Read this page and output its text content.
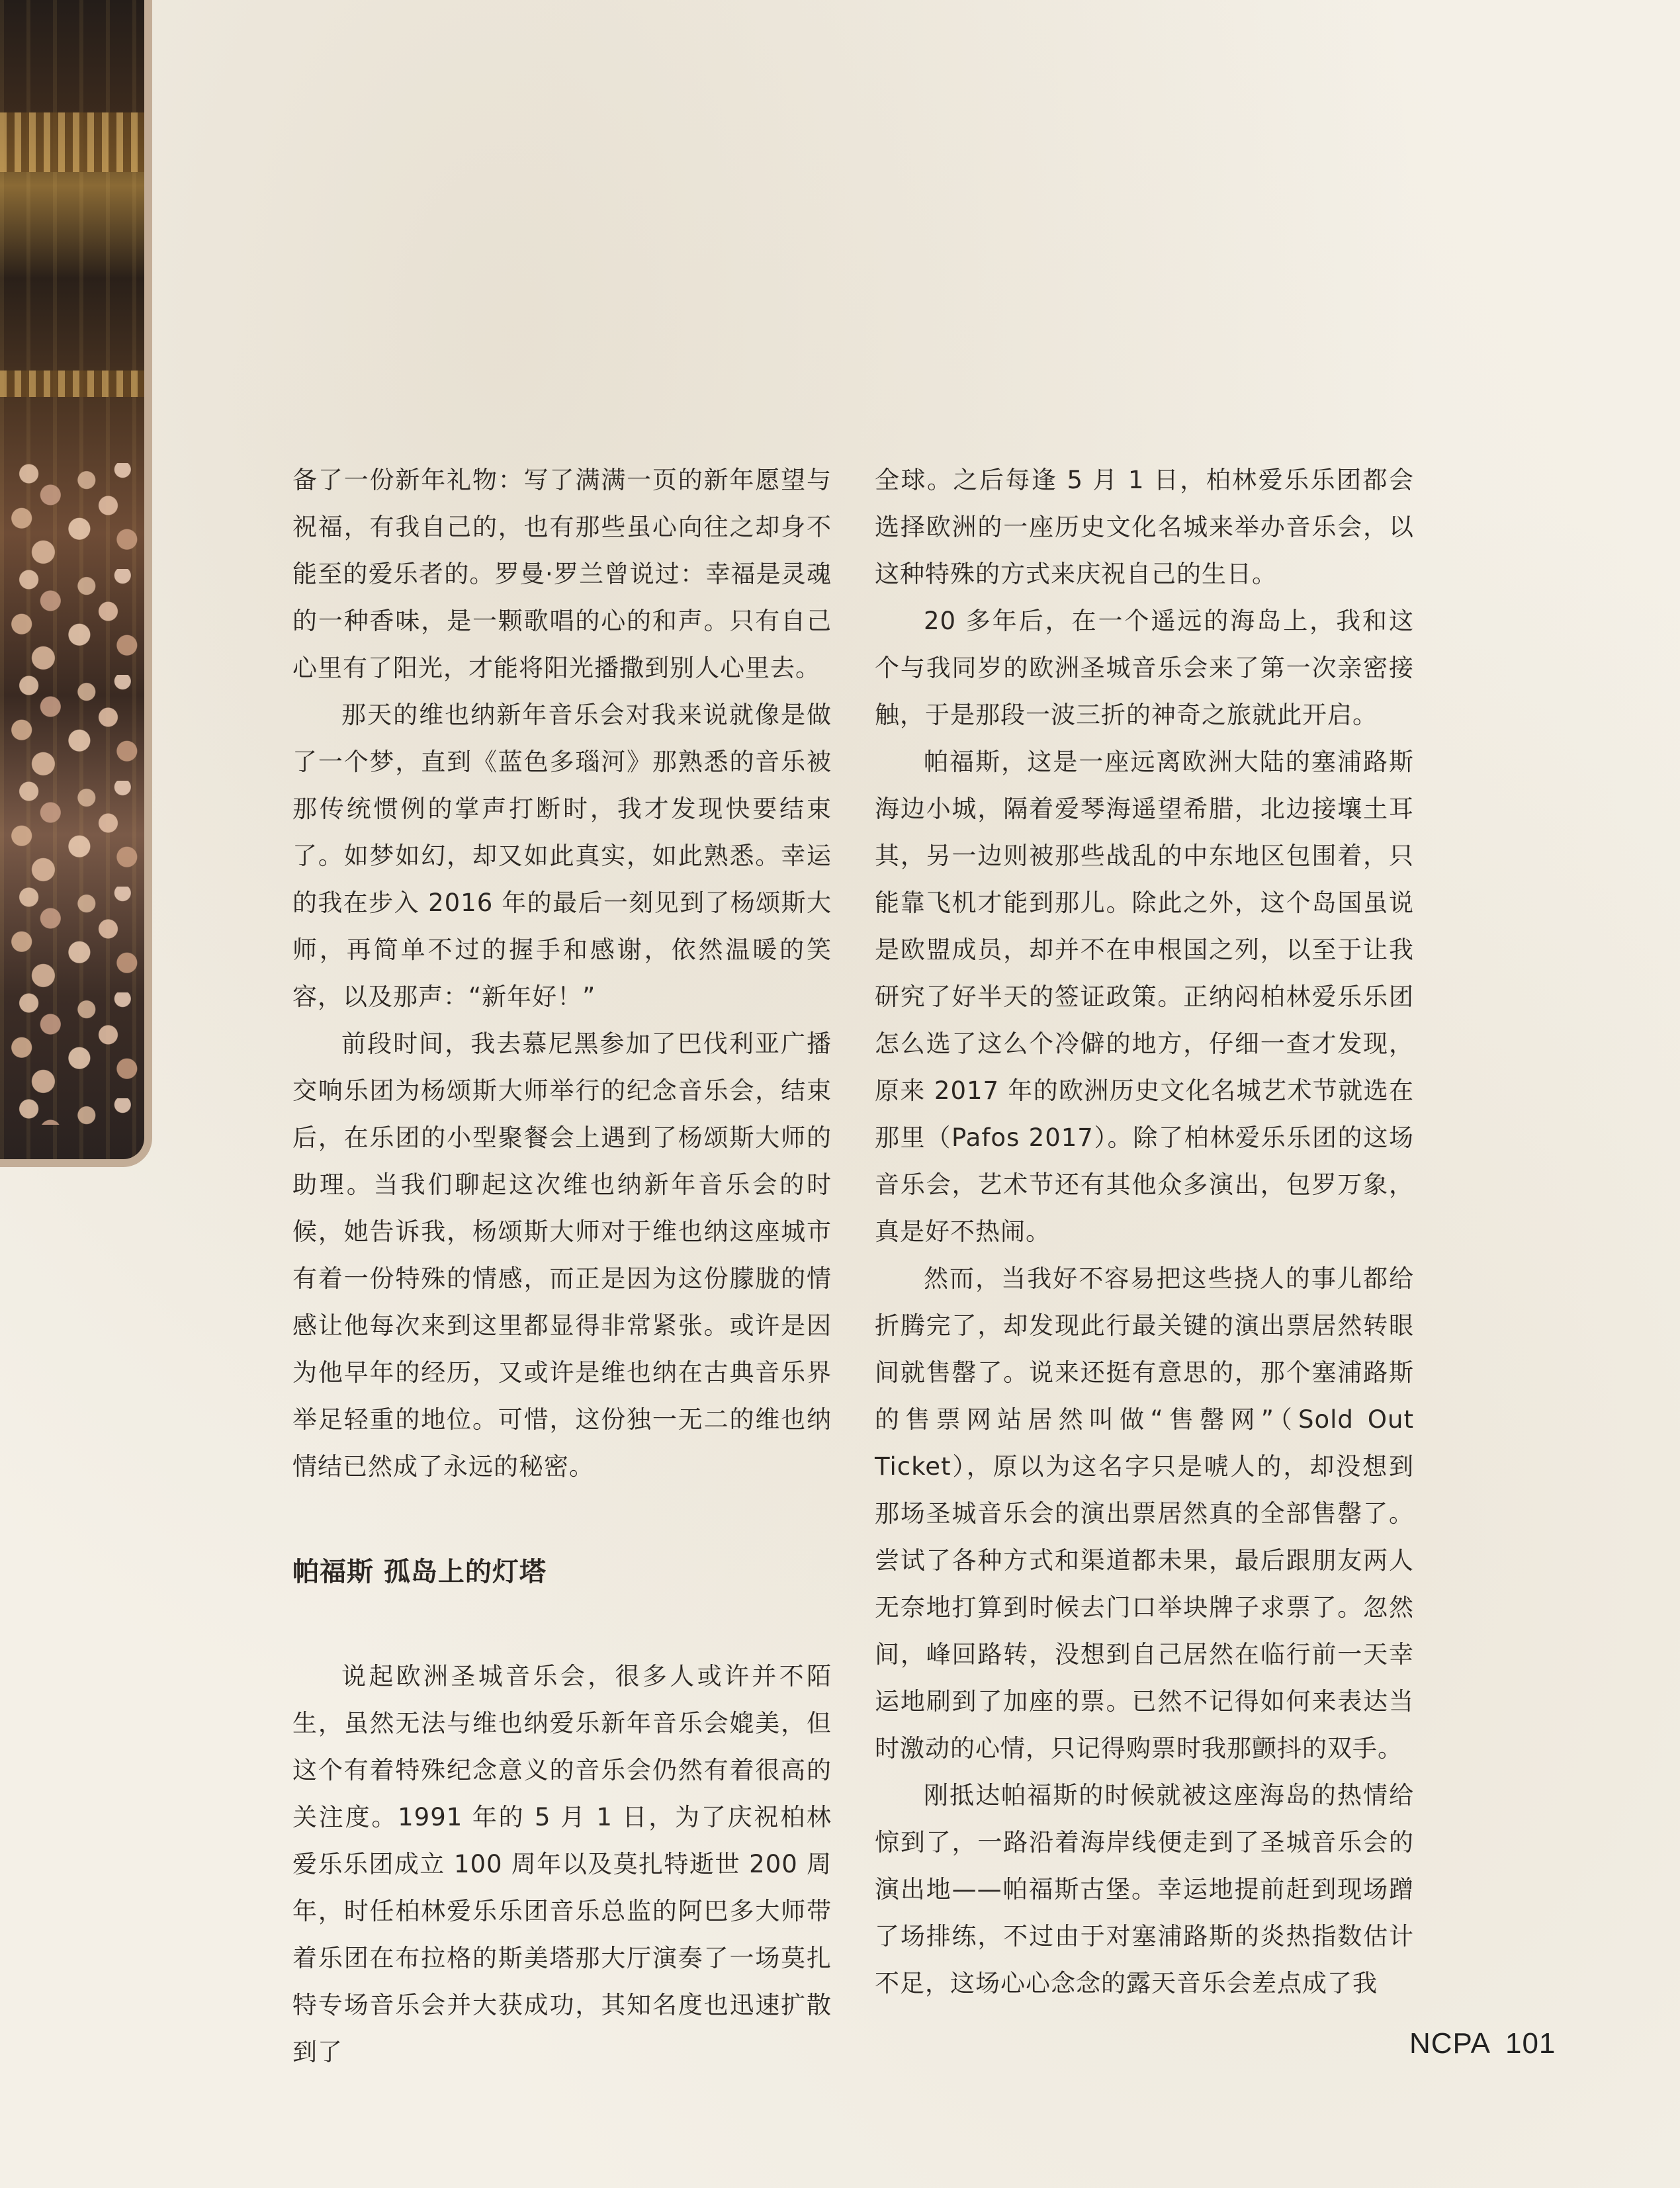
备了一份新年礼物：写了满满一页的新年愿望与祝福，有我自己的，也有那些虽心向往之却身不能至的爱乐者的。罗曼·罗兰曾说过：幸福是灵魂的一种香味，是一颗歌唱的心的和声。只有自己心里有了阳光，才能将阳光播撒到别人心里去。

那天的维也纳新年音乐会对我来说就像是做了一个梦，直到《蓝色多瑙河》那熟悉的音乐被那传统惯例的掌声打断时，我才发现快要结束了。如梦如幻，却又如此真实，如此熟悉。幸运的我在步入 2016 年的最后一刻见到了杨颂斯大师，再简单不过的握手和感谢，依然温暖的笑容，以及那声：“新年好！”

前段时间，我去慕尼黑参加了巴伐利亚广播交响乐团为杨颂斯大师举行的纪念音乐会，结束后，在乐团的小型聚餐会上遇到了杨颂斯大师的助理。当我们聊起这次维也纳新年音乐会的时候，她告诉我，杨颂斯大师对于维也纳这座城市有着一份特殊的情感，而正是因为这份朦胧的情感让他每次来到这里都显得非常紧张。或许是因为他早年的经历，又或许是维也纳在古典音乐界举足轻重的地位。可惜，这份独一无二的维也纳情结已然成了永远的秘密。

帕福斯 孤岛上的灯塔

说起欧洲圣城音乐会，很多人或许并不陌生，虽然无法与维也纳爱乐新年音乐会媲美，但这个有着特殊纪念意义的音乐会仍然有着很高的关注度。1991 年的 5 月 1 日，为了庆祝柏林爱乐乐团成立 100 周年以及莫扎特逝世 200 周年，时任柏林爱乐乐团音乐总监的阿巴多大师带着乐团在布拉格的斯美塔那大厅演奏了一场莫扎特专场音乐会并大获成功，其知名度也迅速扩散到了

全球。之后每逢 5 月 1 日，柏林爱乐乐团都会选择欧洲的一座历史文化名城来举办音乐会，以这种特殊的方式来庆祝自己的生日。

20 多年后，在一个遥远的海岛上，我和这个与我同岁的欧洲圣城音乐会来了第一次亲密接触，于是那段一波三折的神奇之旅就此开启。

帕福斯，这是一座远离欧洲大陆的塞浦路斯海边小城，隔着爱琴海遥望希腊，北边接壤土耳其，另一边则被那些战乱的中东地区包围着，只能靠飞机才能到那儿。除此之外，这个岛国虽说是欧盟成员，却并不在申根国之列，以至于让我研究了好半天的签证政策。正纳闷柏林爱乐乐团怎么选了这么个冷僻的地方，仔细一查才发现，原来 2017 年的欧洲历史文化名城艺术节就选在那里（Pafos 2017）。除了柏林爱乐乐团的这场音乐会，艺术节还有其他众多演出，包罗万象，真是好不热闹。

然而，当我好不容易把这些挠人的事儿都给折腾完了，却发现此行最关键的演出票居然转眼间就售罄了。说来还挺有意思的，那个塞浦路斯的售票网站居然叫做“售罄网”（Sold Out Ticket），原以为这名字只是唬人的，却没想到那场圣城音乐会的演出票居然真的全部售罄了。尝试了各种方式和渠道都未果，最后跟朋友两人无奈地打算到时候去门口举块牌子求票了。忽然间，峰回路转，没想到自己居然在临行前一天幸运地刷到了加座的票。已然不记得如何来表达当时激动的心情，只记得购票时我那颤抖的双手。

刚抵达帕福斯的时候就被这座海岛的热情给惊到了，一路沿着海岸线便走到了圣城音乐会的演出地——帕福斯古堡。幸运地提前赶到现场蹭了场排练，不过由于对塞浦路斯的炎热指数估计不足，这场心心念念的露天音乐会差点成了我

NCPA 101
